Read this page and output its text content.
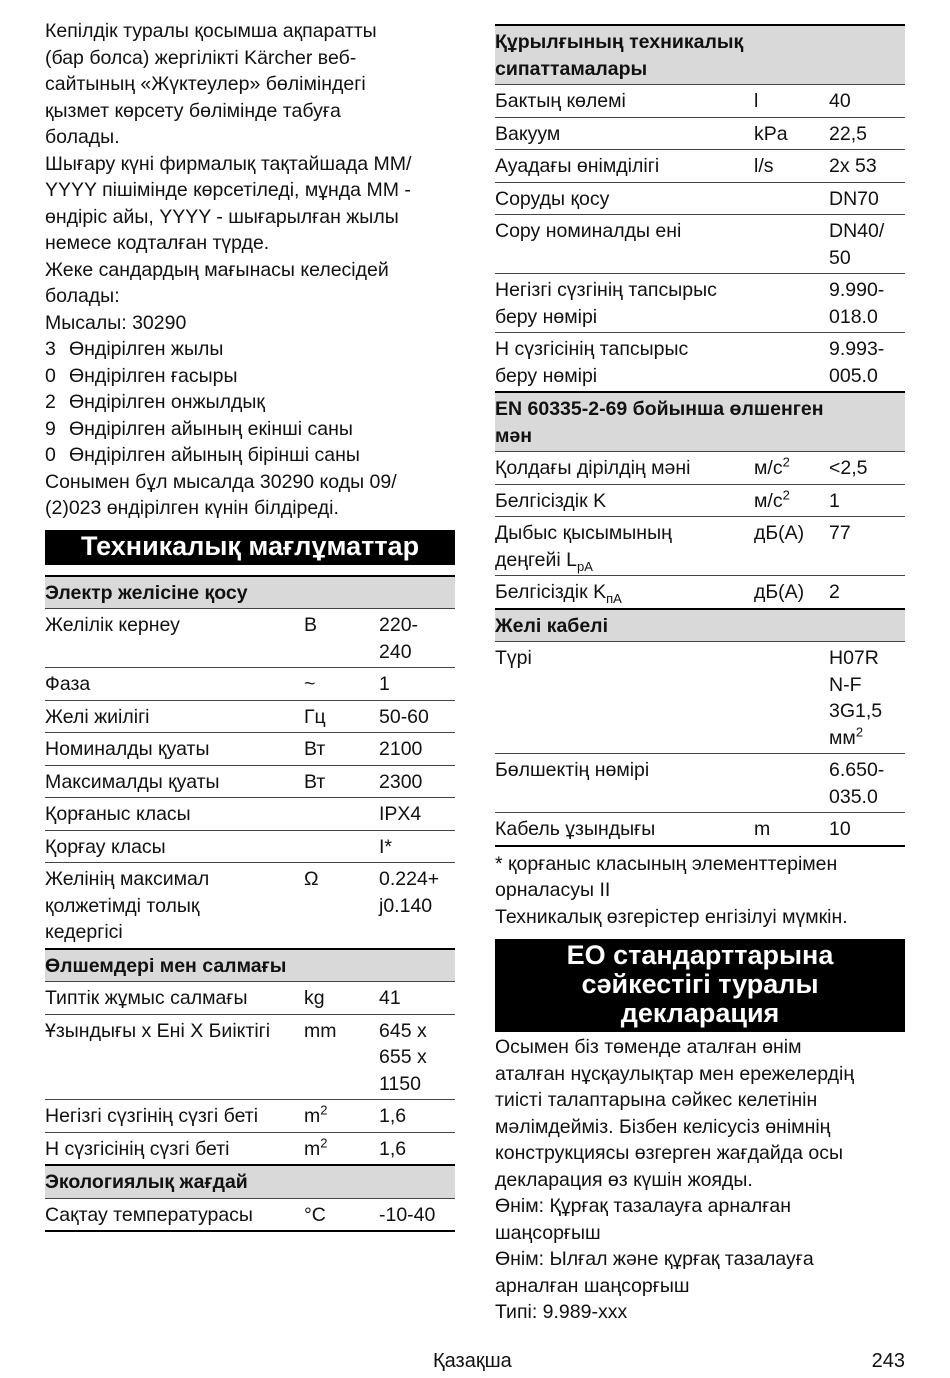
Кепілдік туралы қосымша ақпаратты
(бар болса) жергілікті Kärcher веб-
сайтының «Жүктеулер» бөліміндегі
қызмет көрсету бөлімінде табуға
болады.
Шығару күні фирмалық тақтайшада MM/
YYYY пішімінде көрсетіледі, мұнда MM -
өндіріс айы, YYYY - шығарылған жылы
немесе кодталған түрде.
Жеке сандардың мағынасы келесідей
болады:
Мысалы: 30290
3 Өндірілген жылы
0 Өндірілген ғасыры
2 Өндірілген онжылдық
9 Өндірілген айының екінші саны
0 Өндірілген айының бірінші саны
Сонымен бұл мысалда 30290 коды 09/
(2)023 өндірілген күнін білдіреді.
Техникалық мағлұматтар
Электр желісіне қосу		
Желілік кернеу	В	220-
240
Фаза	~	1
Желі жиілігі	Гц	50-60
Номиналды қуаты	Вт	2100
Максималды қуаты	Вт	2300
Қорғаныс класы		IPX4
Қорғау класы		I*
Желінің максимал
қолжетімді толық
кедергісі	Ω	0.224+
j0.140
Өлшемдері мен салмағы		
Типтік жұмыс салмағы	kg	41
Ұзындығы x Ені X Биіктігі	mm	645 x
655 x
1150
Негізгі сүзгінің сүзгі беті	$m^2$	1,6
Н сүзгісінің сүзгі беті	$m^2$	1,6
Экологиялық жағдай		
Сақтау температурасы	°C	-10-40
Құрылғының техникалық
сипаттамалары		
Бактың көлемі	l	40
Вакуум	kPa	22,5
Ауадағы өнімділігі	l/s	2x 53
Соруды қосу		DN70
Сору номиналды ені		DN40/
50
Негізгі сүзгінің тапсырыс
беру нөмірі		9.990-
018.0
Н сүзгісінің тапсырыс
беру нөмірі		9.993-
005.0
EN 60335-2-69 бойынша өлшенген
мән		
Қолдағы дірілдің мәні	$м/с^2$	<2,5
Белгісіздік K	$м/с^2$	1
Дыбыс қысымының
деңгейі $L_{pA}$	дБ(А)	77
Белгісіздік $K_{пА}$	дБ(А)	2
Желі кабелі		
Түрі		H07R
N-F
3G1,5
$мм^2$
Бөлшектің нөмірі		6.650-
035.0
Кабель ұзындығы	m	10
* қорғаныс класының элементтерімен
орналасуы II
Техникалық өзгерістер енгізілуі мүмкін.
ЕО стандарттарына
сәйкестігі туралы
декларация
Осымен біз төменде аталған өнім
аталған нұсқаулықтар мен ережелердің
тиісті талаптарына сәйкес келетінін
мәлімдейміз. Бізбен келісусіз өнімнің
конструкциясы өзгерген жағдайда осы
декларация өз күшін жояды.
Өнім: Құрғақ тазалауға арналған
шаңсорғыш
Өнім: Ылғал және құрғақ тазалауға
арналған шаңсорғыш
Типі: 9.989-xxx
Қазақша	243
